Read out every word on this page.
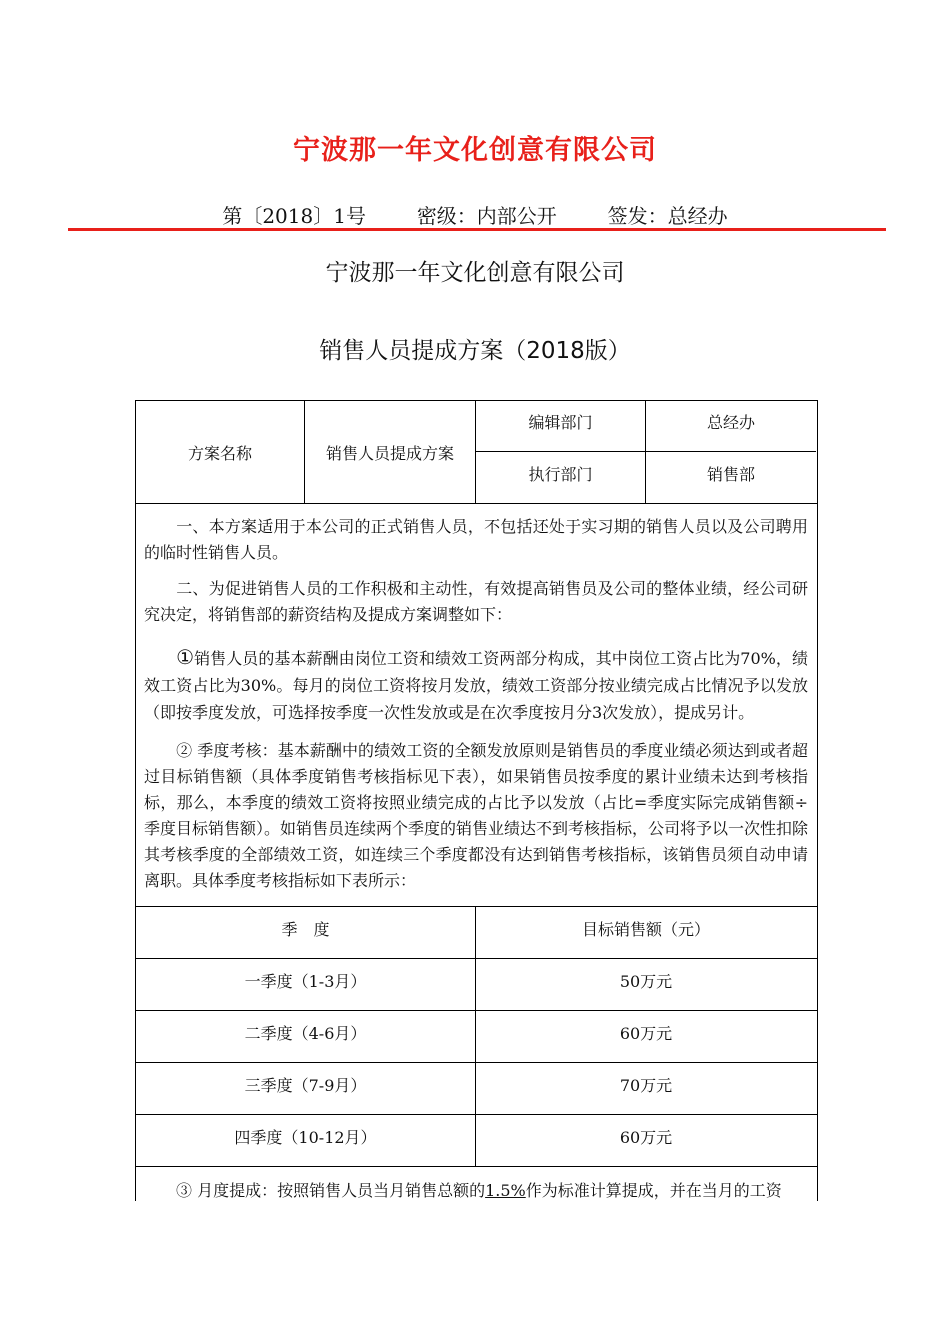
宁波那一年文化创意有限公司
第〔2018〕1号	密级：内部公开	签发：总经办
宁波那一年文化创意有限公司
销售人员提成方案（2018版）
方案名称	销售人员提成方案
编辑部门	总经办
执行部门	销售部
一、本方案适用于本公司的正式销售人员，不包括还处于实习期的销售人员以及公司聘用的临时性销售人员。
二、为促进销售人员的工作积极和主动性，有效提高销售员及公司的整体业绩，经公司研究决定，将销售部的薪资结构及提成方案调整如下：
①销售人员的基本薪酬由岗位工资和绩效工资两部分构成，其中岗位工资占比为70%，绩效工资占比为30%。每月的岗位工资将按月发放，绩效工资部分按业绩完成占比情况予以发放（即按季度发放，可选择按季度一次性发放或是在次季度按月分3次发放），提成另计。
② 季度考核：基本薪酬中的绩效工资的全额发放原则是销售员的季度业绩必须达到或者超过目标销售额（具体季度销售考核指标见下表），如果销售员按季度的累计业绩未达到考核指标，那么，本季度的绩效工资将按照业绩完成的占比予以发放（占比=季度实际完成销售额÷季度目标销售额）。如销售员连续两个季度的销售业绩达不到考核指标，公司将予以一次性扣除其考核季度的全部绩效工资，如连续三个季度都没有达到销售考核指标，该销售员须自动申请离职。具体季度考核指标如下表所示：
季　度	目标销售额（元）
一季度（1-3月）	50万元
二季度（4-6月）	60万元
三季度（7-9月）	70万元
四季度（10-12月）	60万元
③ 月度提成：按照销售人员当月销售总额的1.5%作为标准计算提成，并在当月的工资
